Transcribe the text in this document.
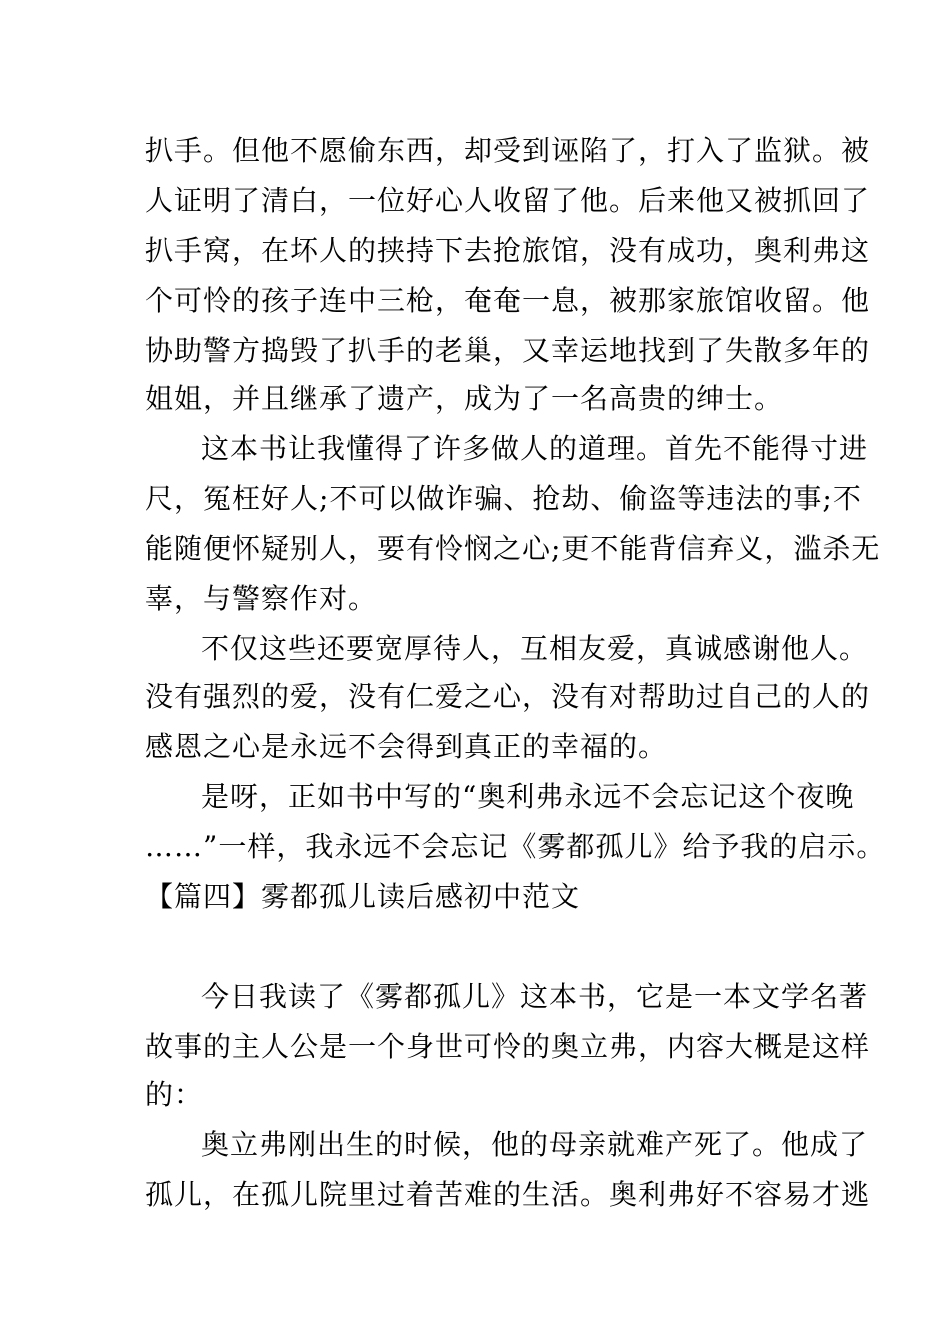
扒手。但他不愿偷东西，却受到诬陷了，打入了监狱。被
人证明了清白，一位好心人收留了他。后来他又被抓回了
扒手窝，在坏人的挟持下去抢旅馆，没有成功，奥利弗这
个可怜的孩子连中三枪，奄奄一息，被那家旅馆收留。他
协助警方捣毁了扒手的老巢，又幸运地找到了失散多年的
姐姐，并且继承了遗产，成为了一名高贵的绅士。
这本书让我懂得了许多做人的道理。首先不能得寸进
尺，冤枉好人;不可以做诈骗、抢劫、偷盗等违法的事;不
能随便怀疑别人，要有怜悯之心;更不能背信弃义，滥杀无
辜，与警察作对。
不仅这些还要宽厚待人，互相友爱，真诚感谢他人。
没有强烈的爱，没有仁爱之心，没有对帮助过自己的人的
感恩之心是永远不会得到真正的幸福的。
是呀，正如书中写的“奥利弗永远不会忘记这个夜晚
……”一样，我永远不会忘记《雾都孤儿》给予我的启示。
【篇四】雾都孤儿读后感初中范文
今日我读了《雾都孤儿》这本书，它是一本文学名著
故事的主人公是一个身世可怜的奥立弗，内容大概是这样
的：
奥立弗刚出生的时候，他的母亲就难产死了。他成了
孤儿，在孤儿院里过着苦难的生活。奥利弗好不容易才逃
